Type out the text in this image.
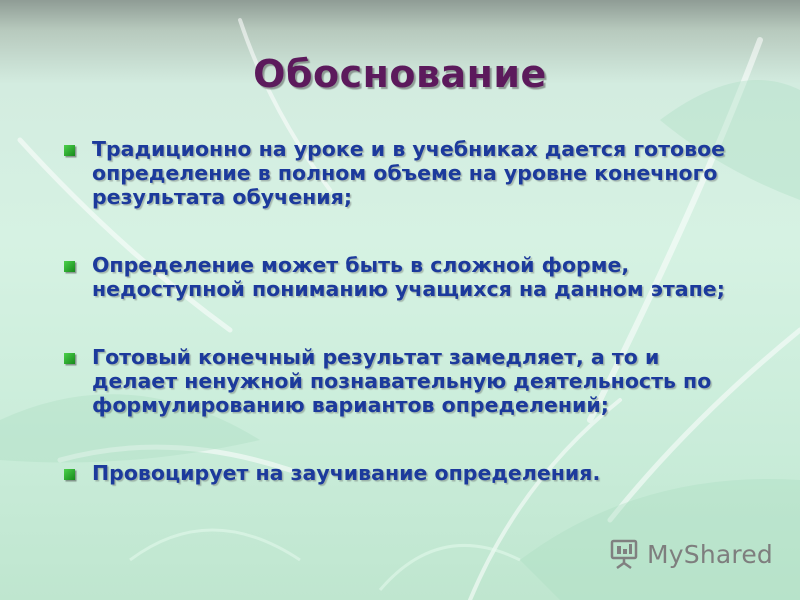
Обоснование
Традиционно на уроке и в учебниках дается готовое определение в полном объеме на уровне конечного результата обучения;
Определение может быть в сложной форме, недоступной пониманию учащихся на данном этапе;
Готовый конечный результат замедляет, а то и делает ненужной познавательную деятельность по формулированию вариантов определений;
Провоцирует на заучивание определения.
MyShared
